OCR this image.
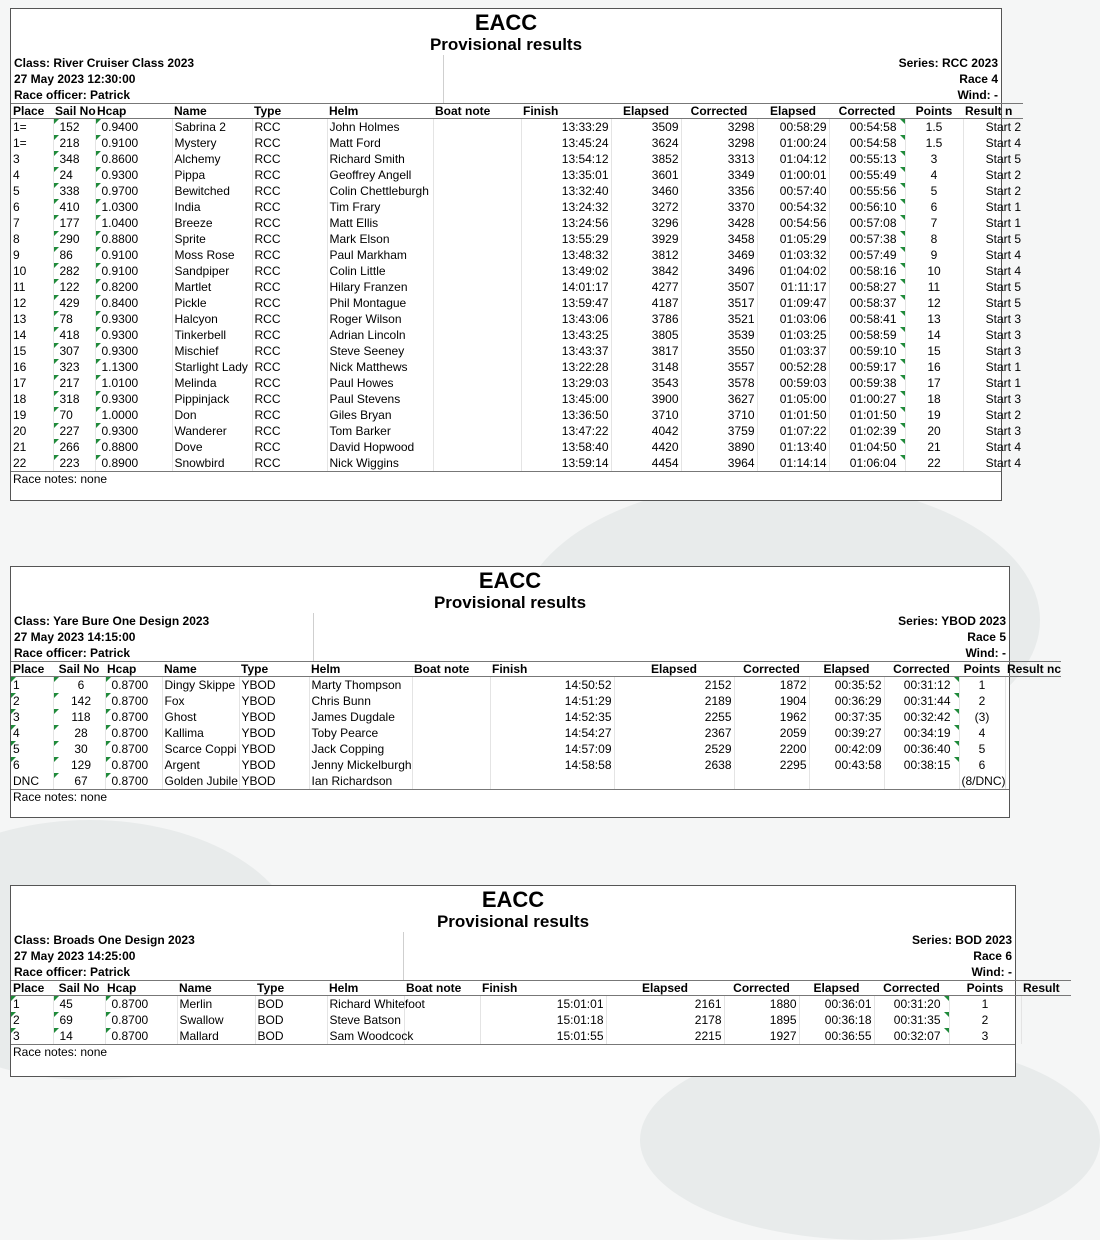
EACC
Provisional results
Class: River Cruiser Class 2023	Series: RCC 2023
27 May 2023 12:30:00	Race 4
Race officer: Patrick	Wind: -
Place	Sail No	Hcap	Name	Type	Helm	Boat note	Finish	Elapsed	Corrected	Elapsed	Corrected	Points	Result n
1=	152	0.9400	Sabrina 2	RCC	John Holmes		13:33:29	3509	3298	00:58:29	00:54:58	1.5	Start 2
1=	218	0.9100	Mystery	RCC	Matt Ford		13:45:24	3624	3298	01:00:24	00:54:58	1.5	Start 4
3	348	0.8600	Alchemy	RCC	Richard Smith		13:54:12	3852	3313	01:04:12	00:55:13	3	Start 5
4	24	0.9300	Pippa	RCC	Geoffrey Angell		13:35:01	3601	3349	01:00:01	00:55:49	4	Start 2
5	338	0.9700	Bewitched	RCC	Colin Chettleburgh		13:32:40	3460	3356	00:57:40	00:55:56	5	Start 2
6	410	1.0300	India	RCC	Tim Frary		13:24:32	3272	3370	00:54:32	00:56:10	6	Start 1
7	177	1.0400	Breeze	RCC	Matt Ellis		13:24:56	3296	3428	00:54:56	00:57:08	7	Start 1
8	290	0.8800	Sprite	RCC	Mark Elson		13:55:29	3929	3458	01:05:29	00:57:38	8	Start 5
9	86	0.9100	Moss Rose	RCC	Paul Markham		13:48:32	3812	3469	01:03:32	00:57:49	9	Start 4
10	282	0.9100	Sandpiper	RCC	Colin Little		13:49:02	3842	3496	01:04:02	00:58:16	10	Start 4
11	122	0.8200	Martlet	RCC	Hilary Franzen		14:01:17	4277	3507	01:11:17	00:58:27	11	Start 5
12	429	0.8400	Pickle	RCC	Phil Montague		13:59:47	4187	3517	01:09:47	00:58:37	12	Start 5
13	78	0.9300	Halcyon	RCC	Roger Wilson		13:43:06	3786	3521	01:03:06	00:58:41	13	Start 3
14	418	0.9300	Tinkerbell	RCC	Adrian Lincoln		13:43:25	3805	3539	01:03:25	00:58:59	14	Start 3
15	307	0.9300	Mischief	RCC	Steve Seeney		13:43:37	3817	3550	01:03:37	00:59:10	15	Start 3
16	323	1.1300	Starlight Lady	RCC	Nick Matthews		13:22:28	3148	3557	00:52:28	00:59:17	16	Start 1
17	217	1.0100	Melinda	RCC	Paul Howes		13:29:03	3543	3578	00:59:03	00:59:38	17	Start 1
18	318	0.9300	Pippinjack	RCC	Paul Stevens		13:45:00	3900	3627	01:05:00	01:00:27	18	Start 3
19	70	1.0000	Don	RCC	Giles Bryan		13:36:50	3710	3710	01:01:50	01:01:50	19	Start 2
20	227	0.9300	Wanderer	RCC	Tom Barker		13:47:22	4042	3759	01:07:22	01:02:39	20	Start 3
21	266	0.8800	Dove	RCC	David Hopwood		13:58:40	4420	3890	01:13:40	01:04:50	21	Start 4
22	223	0.8900	Snowbird	RCC	Nick Wiggins		13:59:14	4454	3964	01:14:14	01:06:04	22	Start 4
Race notes: none
EACC
Provisional results
Class: Yare Bure One Design 2023	Series: YBOD 2023
27 May 2023 14:15:00	Race 5
Race officer: Patrick	Wind: -
Place	Sail No	Hcap	Name	Type	Helm	Boat note	Finish	Elapsed	Corrected	Elapsed	Corrected	Points	Result nc
1	6	0.8700	Dingy Skippe	YBOD	Marty Thompson		14:50:52	2152	1872	00:35:52	00:31:12	1	
2	142	0.8700	Fox	YBOD	Chris Bunn		14:51:29	2189	1904	00:36:29	00:31:44	2	
3	118	0.8700	Ghost	YBOD	James Dugdale		14:52:35	2255	1962	00:37:35	00:32:42	(3)	
4	28	0.8700	Kallima	YBOD	Toby Pearce		14:54:27	2367	2059	00:39:27	00:34:19	4	
5	30	0.8700	Scarce Coppi	YBOD	Jack Copping		14:57:09	2529	2200	00:42:09	00:36:40	5	
6	129	0.8700	Argent	YBOD	Jenny Mickelburgh		14:58:58	2638	2295	00:43:58	00:38:15	6	
DNC	67	0.8700	Golden Jubile	YBOD	Ian Richardson							(8/DNC)	
Race notes: none
EACC
Provisional results
Class: Broads One Design 2023	Series: BOD 2023
27 May 2023 14:25:00	Race 6
Race officer: Patrick	Wind: -
Place	Sail No	Hcap	Name	Type	Helm	Boat note	Finish	Elapsed	Corrected	Elapsed	Corrected	Points	Result
1	45	0.8700	Merlin	BOD	Richard Whitefoot		15:01:01	2161	1880	00:36:01	00:31:20	1	
2	69	0.8700	Swallow	BOD	Steve Batson		15:01:18	2178	1895	00:36:18	00:31:35	2	
3	14	0.8700	Mallard	BOD	Sam Woodcock		15:01:55	2215	1927	00:36:55	00:32:07	3	
Race notes: none
